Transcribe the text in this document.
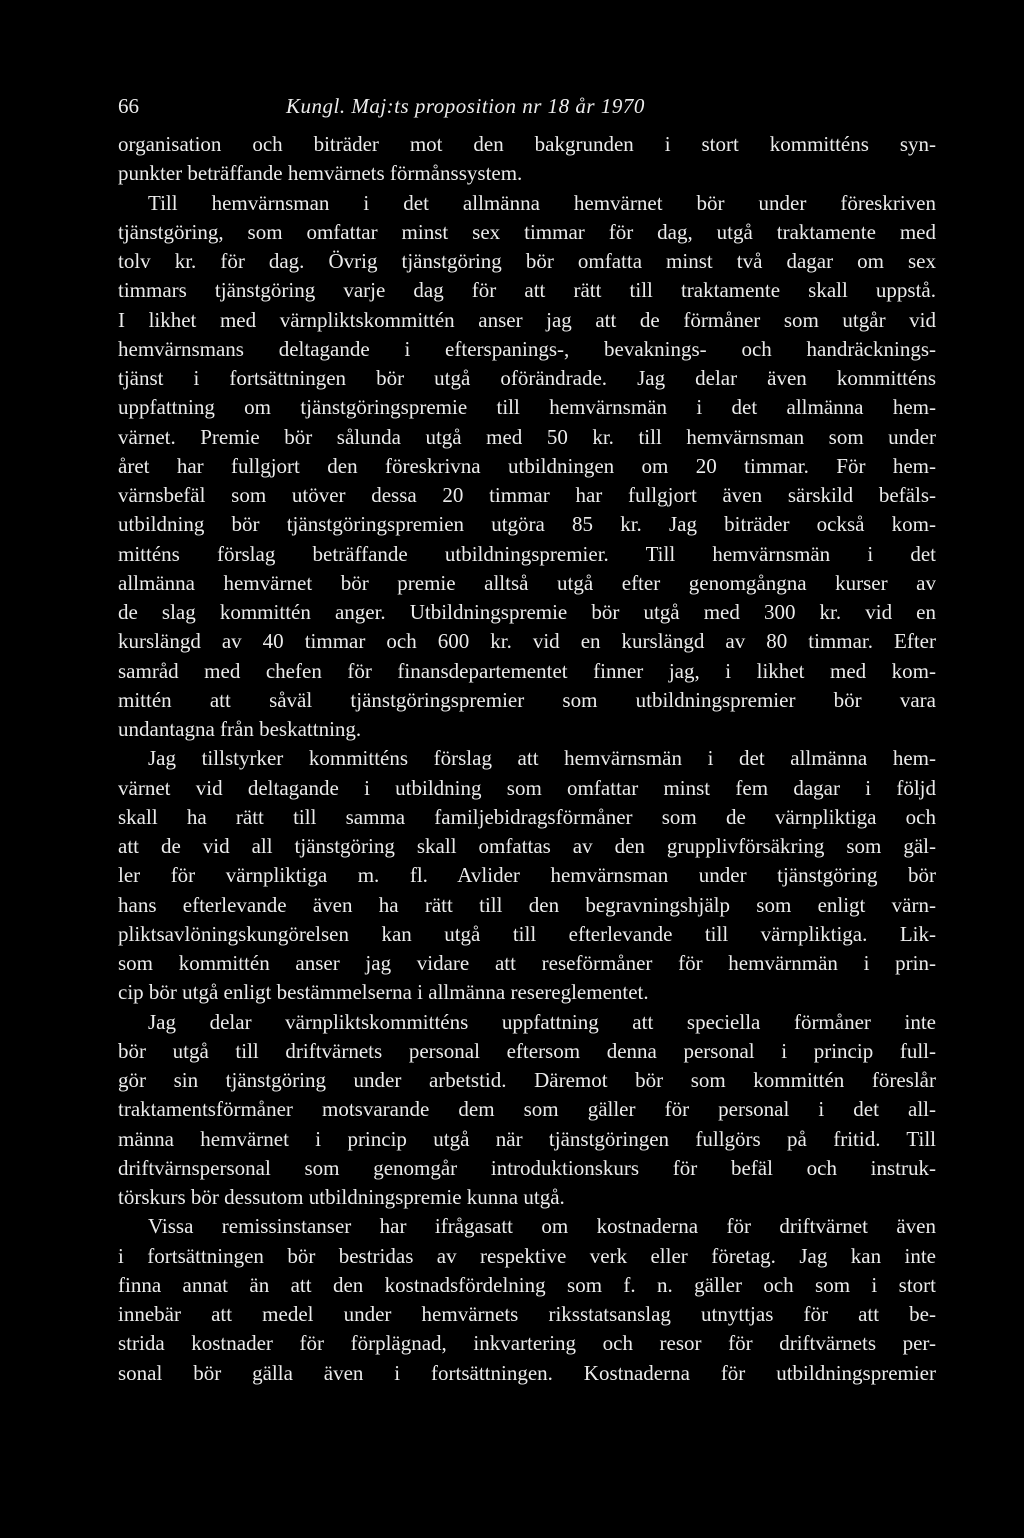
66	Kungl. Maj:ts proposition nr 18 år 1970
organisation och biträder mot den bakgrunden i stort kommitténs syn-
punkter beträffande hemvärnets förmånssystem.
Till hemvärnsman i det allmänna hemvärnet bör under föreskriven
tjänstgöring, som omfattar minst sex timmar för dag, utgå traktamente med
tolv kr. för dag. Övrig tjänstgöring bör omfatta minst två dagar om sex
timmars tjänstgöring varje dag för att rätt till traktamente skall uppstå.
I likhet med värnpliktskommittén anser jag att de förmåner som utgår vid
hemvärnsmans deltagande i efterspanings-, bevaknings- och handräcknings-
tjänst i fortsättningen bör utgå oförändrade. Jag delar även kommitténs
uppfattning om tjänstgöringspremie till hemvärnsmän i det allmänna hem-
värnet. Premie bör sålunda utgå med 50 kr. till hemvärnsman som under
året har fullgjort den föreskrivna utbildningen om 20 timmar. För hem-
värnsbefäl som utöver dessa 20 timmar har fullgjort även särskild befäls-
utbildning bör tjänstgöringspremien utgöra 85 kr. Jag biträder också kom-
mitténs förslag beträffande utbildningspremier. Till hemvärnsmän i det
allmänna hemvärnet bör premie alltså utgå efter genomgångna kurser av
de slag kommittén anger. Utbildningspremie bör utgå med 300 kr. vid en
kurslängd av 40 timmar och 600 kr. vid en kurslängd av 80 timmar. Efter
samråd med chefen för finansdepartementet finner jag, i likhet med kom-
mittén att såväl tjänstgöringspremier som utbildningspremier bör vara
undantagna från beskattning.
Jag tillstyrker kommitténs förslag att hemvärnsmän i det allmänna hem-
värnet vid deltagande i utbildning som omfattar minst fem dagar i följd
skall ha rätt till samma familjebidragsförmåner som de värnpliktiga och
att de vid all tjänstgöring skall omfattas av den grupplivförsäkring som gäl-
ler för värnpliktiga m. fl. Avlider hemvärnsman under tjänstgöring bör
hans efterlevande även ha rätt till den begravningshjälp som enligt värn-
pliktsavlöningskungörelsen kan utgå till efterlevande till värnpliktiga. Lik-
som kommittén anser jag vidare att reseförmåner för hemvärnmän i prin-
cip bör utgå enligt bestämmelserna i allmänna resereglementet.
Jag delar värnpliktskommitténs uppfattning att speciella förmåner inte
bör utgå till driftvärnets personal eftersom denna personal i princip full-
gör sin tjänstgöring under arbetstid. Däremot bör som kommittén föreslår
traktamentsförmåner motsvarande dem som gäller för personal i det all-
männa hemvärnet i princip utgå när tjänstgöringen fullgörs på fritid. Till
driftvärnspersonal som genomgår introduktionskurs för befäl och instruk-
törskurs bör dessutom utbildningspremie kunna utgå.
Vissa remissinstanser har ifrågasatt om kostnaderna för driftvärnet även
i fortsättningen bör bestridas av respektive verk eller företag. Jag kan inte
finna annat än att den kostnadsfördelning som f. n. gäller och som i stort
innebär att medel under hemvärnets riksstatsanslag utnyttjas för att be-
strida kostnader för förplägnad, inkvartering och resor för driftvärnets per-
sonal bör gälla även i fortsättningen. Kostnaderna för utbildningspremier
